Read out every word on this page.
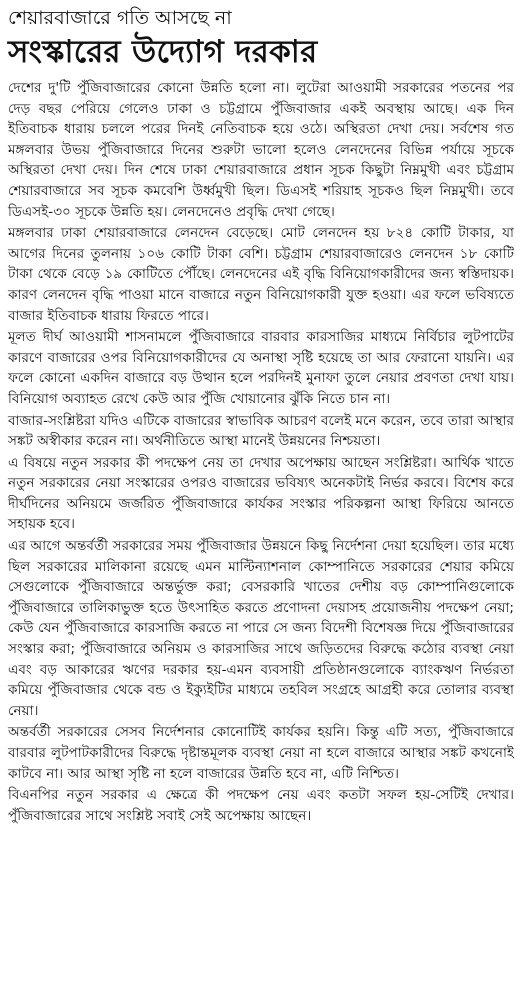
শেয়ারবাজারে গতি আসছে না
সংস্কারের উদ্যোগ দরকার

দেশের দু'টি পুঁজিবাজারের কোনো উন্নতি হলো না। লুটেরা আওয়ামী সরকারের পতনের পর দেড় বছর পেরিয়ে গেলেও ঢাকা ও চট্টগ্রামে পুঁজিবাজার একই অবস্থায় আছে। এক দিন ইতিবাচক ধারায় চললে পরের দিনই নেতিবাচক হয়ে ওঠে। অস্থিরতা দেখা দেয়। সর্বশেষ গত মঙ্গলবার উভয় পুঁজিবাজারে দিনের শুরুটা ভালো হলেও লেনদেনের বিভিন্ন পর্যায়ে সূচকে অস্থিরতা দেখা দেয়। দিন শেষে ঢাকা শেয়ারবাজারে প্রধান সূচক কিছুটা নিম্নমুখী এবং চট্টগ্রাম শেয়ারবাজারে সব সূচক কমবেশি উর্ধ্বমুখী ছিল। ডিএসই শরিয়াহ সূচকও ছিল নিম্নমুখী। তবে ডিএসই-৩০ সূচকে উন্নতি হয়। লেনদেনেও প্রবৃদ্ধি দেখা গেছে।

মঙ্গলবার ঢাকা শেয়ারবাজারে লেনদেন বেড়েছে। মোট লেনদেন হয় ৮২৪ কোটি টাকার, যা আগের দিনের তুলনায় ১০৬ কোটি টাকা বেশি। চট্টগ্রাম শেয়ারবাজারেও লেনদেন ১৮ কোটি টাকা থেকে বেড়ে ১৯ কোটিতে পৌঁছে। লেনদেনের এই বৃদ্ধি বিনিয়োগকারীদের জন্য স্বস্তিদায়ক। কারণ লেনদেন বৃদ্ধি পাওয়া মানে বাজারে নতুন বিনিয়োগকারী যুক্ত হওয়া। এর ফলে ভবিষ্যতে বাজার ইতিবাচক ধারায় ফিরতে পারে।

মূলত দীর্ঘ আওয়ামী শাসনামলে পুঁজিবাজারে বারবার কারসাজির মাধ্যমে নির্বিচার লুটপাটের কারণে বাজারের ওপর বিনিয়োগকারীদের যে অনাস্থা সৃষ্টি হয়েছে তা আর ফেরানো যায়নি। এর ফলে কোনো একদিন বাজারে বড় উত্থান হলে পরদিনই মুনাফা তুলে নেয়ার প্রবণতা দেখা যায়। বিনিয়োগ অব্যাহত রেখে কেউ আর পুঁজি খোয়ানোর ঝুঁকি নিতে চান না।

বাজার-সংশ্লিষ্টরা যদিও এটিকে বাজারের স্বাভাবিক আচরণ বলেই মনে করেন, তবে তারা আস্থার সঙ্কট অস্বীকার করেন না। অর্থনীতিতে আস্থা মানেই উন্নয়নের নিশ্চয়তা।

এ বিষয়ে নতুন সরকার কী পদক্ষেপ নেয় তা দেখার অপেক্ষায় আছেন সংশ্লিষ্টরা। আর্থিক খাতে নতুন সরকারের নেয়া সংস্কারের ওপরও বাজারের ভবিষ্যৎ অনেকটাই নির্ভর করবে। বিশেষ করে দীর্ঘদিনের অনিয়মে জর্জরিত পুঁজিবাজারে কার্যকর সংস্কার পরিকল্পনা আস্থা ফিরিয়ে আনতে সহায়ক হবে।

এর আগে অন্তর্বর্তী সরকারের সময় পুঁজিবাজার উন্নয়নে কিছু নির্দেশনা দেয়া হয়েছিল। তার মধ্যে ছিল সরকারের মালিকানা রয়েছে এমন মাল্টিন্যাশনাল কোম্পানিতে সরকারের শেয়ার কমিয়ে সেগুলোকে পুঁজিবাজারে অন্তর্ভুক্ত করা; বেসরকারি খাতের দেশীয় বড় কোম্পানিগুলোকে পুঁজিবাজারে তালিকাভুক্ত হতে উৎসাহিত করতে প্রণোদনা দেয়াসহ প্রয়োজনীয় পদক্ষেপ নেয়া; কেউ যেন পুঁজিবাজারে কারসাজি করতে না পারে সে জন্য বিদেশী বিশেষজ্ঞ দিয়ে পুঁজিবাজারের সংস্কার করা; পুঁজিবাজারে অনিয়ম ও কারসাজির সাথে জড়িতদের বিরুদ্ধে কঠোর ব্যবস্থা নেয়া এবং বড় আকারের ঋণের দরকার হয়-এমন ব্যবসায়ী প্রতিষ্ঠানগুলোকে ব্যাংকঋণ নির্ভরতা কমিয়ে পুঁজিবাজার থেকে বন্ড ও ইক্যুইটির মাধ্যমে তহবিল সংগ্রহে আগ্রহী করে তোলার ব্যবস্থা নেয়া।

অন্তর্বর্তী সরকারের সেসব নির্দেশনার কোনোটিই কার্যকর হয়নি। কিন্তু এটি সত্য, পুঁজিবাজারে বারবার লুটপাটকারীদের বিরুদ্ধে দৃষ্টান্তমূলক ব্যবস্থা নেয়া না হলে বাজারে আস্থার সঙ্কট কখনোই কাটবে না। আর আস্থা সৃষ্টি না হলে বাজারের উন্নতি হবে না, এটি নিশ্চিত।

বিএনপির নতুন সরকার এ ক্ষেত্রে কী পদক্ষেপ নেয় এবং কতটা সফল হয়-সেটিই দেখার। পুঁজিবাজারের সাথে সংশ্লিষ্ট সবাই সেই অপেক্ষায় আছেন।
